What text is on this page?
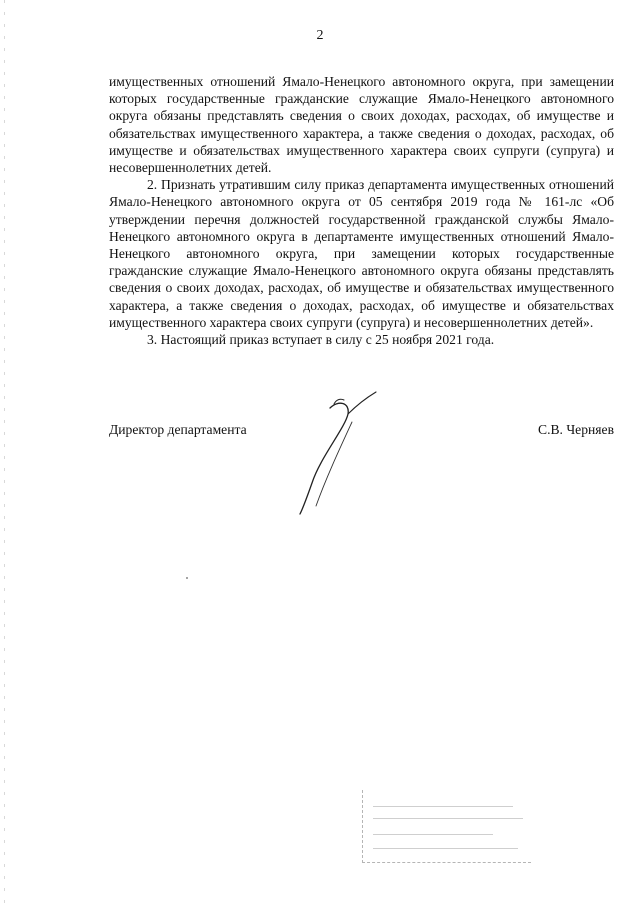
2

имущественных отношений Ямало-Ненецкого автономного округа, при замещении которых государственные гражданские служащие Ямало-Ненецкого автономного округа обязаны представлять сведения о своих доходах, расходах, об имуществе и обязательствах имущественного характера, а также сведения о доходах, расходах, об имуществе и обязательствах имущественного характера своих супруги (супруга) и несовершеннолетних детей.

2. Признать утратившим силу приказ департамента имущественных отношений Ямало-Ненецкого автономного округа от 05 сентября 2019 года № 161-лс «Об утверждении перечня должностей государственной гражданской службы Ямало-Ненецкого автономного округа в департаменте имущественных отношений Ямало-Ненецкого автономного округа, при замещении которых государственные гражданские служащие Ямало-Ненецкого автономного округа обязаны представлять сведения о своих доходах, расходах, об имуществе и обязательствах имущественного характера, а также сведения о доходах, расходах, об имуществе и обязательствах имущественного характера своих супруги (супруга) и несовершеннолетних детей».

3. Настоящий приказ вступает в силу с 25 ноября 2021 года.

Директор департамента	С.В. Черняев
